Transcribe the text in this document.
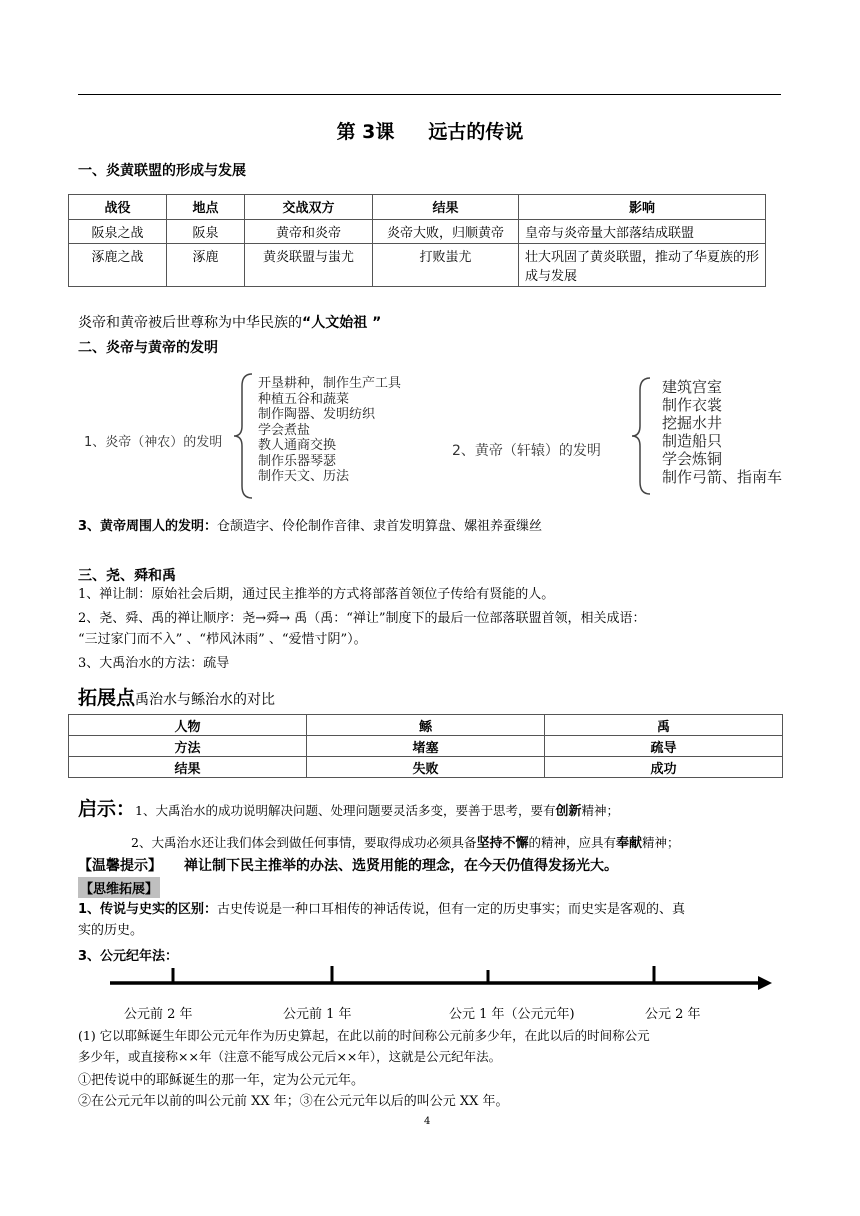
第 3课 远古的传说
一、炎黄联盟的形成与发展
战役	地点	交战双方	结果	影响
阪泉之战	阪泉	黄帝和炎帝	炎帝大败，归顺黄帝	皇帝与炎帝量大部落结成联盟
涿鹿之战	涿鹿	黄炎联盟与蚩尤	打败蚩尤	壮大巩固了黄炎联盟，推动了华夏族的形成与发展
炎帝和黄帝被后世尊称为中华民族的“人文始祖 ”
二、炎帝与黄帝的发明
1、炎帝（神农）的发明
开垦耕种，制作生产工具
种植五谷和蔬菜
制作陶器、发明纺织
学会煮盐
教人通商交换
制作乐器琴瑟
制作天文、历法
2、黄帝（轩辕）的发明
建筑宫室
制作衣裳
挖掘水井
制造船只
学会炼铜
制作弓箭、指南车
3、黄帝周围人的发明：仓颉造字、伶伦制作音律、隶首发明算盘、嫘祖养蚕缫丝
三、尧、舜和禹
1、禅让制：原始社会后期，通过民主推举的方式将部落首领位子传给有贤能的人。
2、尧、舜、禹的禅让顺序：尧→舜→ 禹（禹：“禅让”制度下的最后一位部落联盟首领，相关成语：
“三过家门而不入” 、“栉风沐雨” 、“爱惜寸阴”）。
3、大禹治水的方法：疏导
拓展点禹治水与鲧治水的对比
人物	鲧	禹
方法	堵塞	疏导
结果	失败	成功
启示：1、大禹治水的成功说明解决问题、处理问题要灵活多变，要善于思考，要有创新精神；
2、大禹治水还让我们体会到做任何事情，要取得成功必须具备坚持不懈的精神，应具有奉献精神；
【温馨提示】 禅让制下民主推举的办法、选贤用能的理念，在今天仍值得发扬光大。
【思维拓展】
1、传说与史实的区别：古史传说是一种口耳相传的神话传说，但有一定的历史事实；而史实是客观的、真
实的历史。
3、公元纪年法：
公元前 2 年	公元前 1 年	公元 1 年（公元元年)	公元 2 年
(1) 它以耶稣诞生年即公元元年作为历史算起，在此以前的时间称公元前多少年，在此以后的时间称公元
多少年，或直接称××年（注意不能写成公元后××年），这就是公元纪年法。
①把传说中的耶稣诞生的那一年，定为公元元年。
②在公元元年以前的叫公元前 XX 年；③在公元元年以后的叫公元 XX 年。
4
